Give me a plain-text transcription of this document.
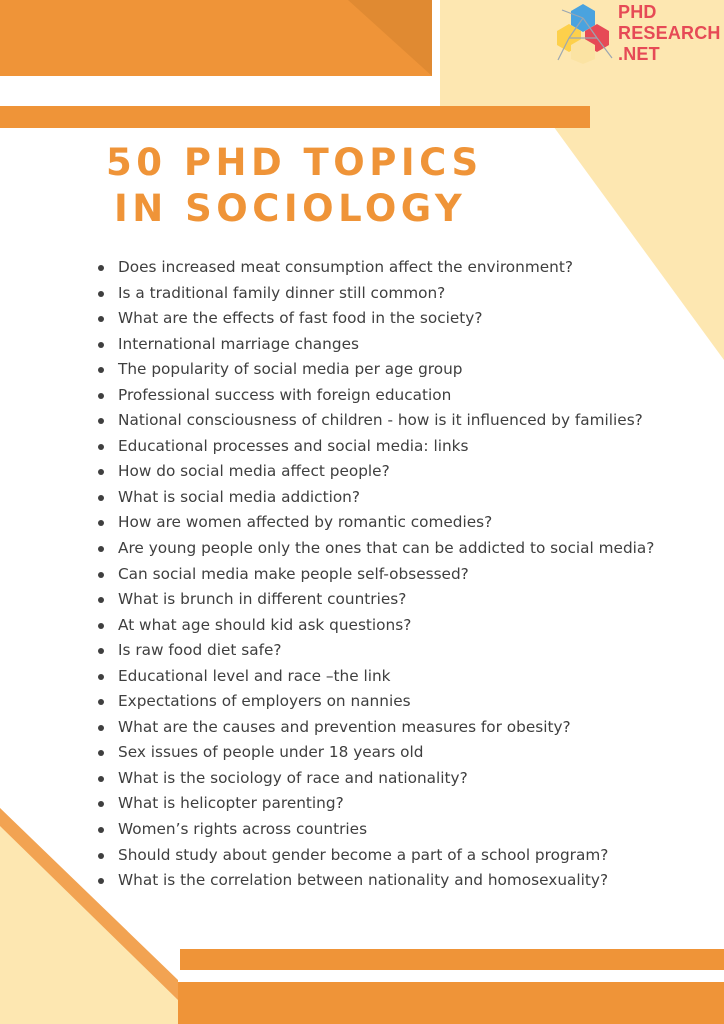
PHD
RESEARCH
.NET
50 PHD TOPICS
IN SOCIOLOGY
Does increased meat consumption affect the environment?
Is a traditional family dinner still common?
What are the effects of fast food in the society?
International marriage changes
The popularity of social media per age group
Professional success with foreign education
National consciousness of children - how is it influenced by families?
Educational processes and social media: links
How do social media affect people?
What is social media addiction?
How are women affected by romantic comedies?
Are young people only the ones that can be addicted to social media?
Can social media make people self-obsessed?
What is brunch in different countries?
At what age should kid ask questions?
Is raw food diet safe?
Educational level and race –the link
Expectations of employers on nannies
What are the causes and prevention measures for obesity?
Sex issues of people under 18 years old
What is the sociology of race and nationality?
What is helicopter parenting?
Women’s rights across countries
Should study about gender become a part of a school program?
What is the correlation between nationality and homosexuality?
